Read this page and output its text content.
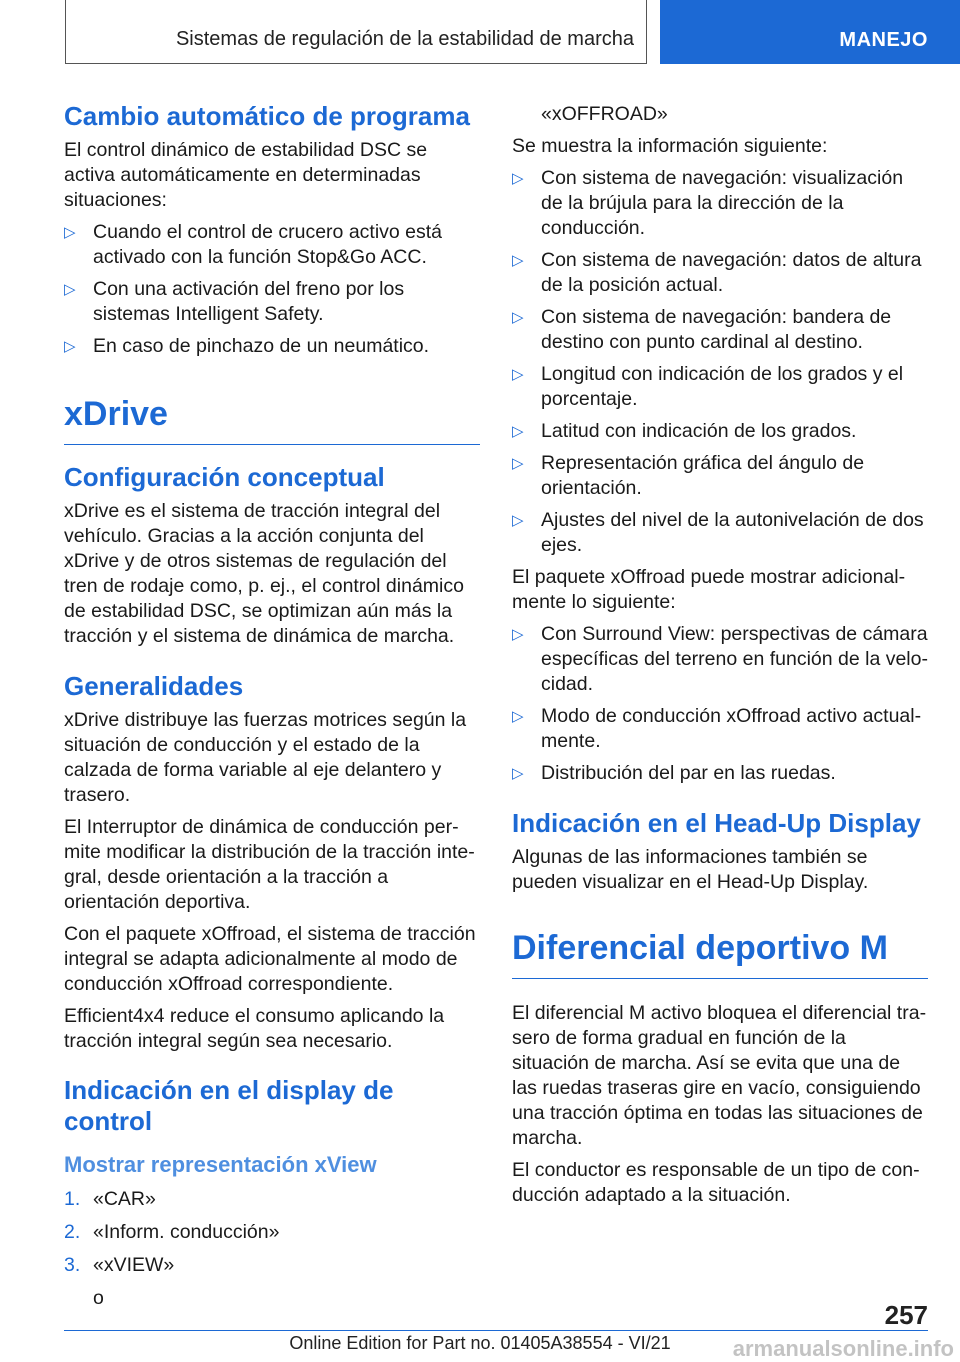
Sistemas de regulación de la estabilidad de marcha	MANEJO
Cambio automático de programa

El control dinámico de estabilidad DSC se activa automáticamente en determinadas situaciones:

▷ Cuando el control de crucero activo está activado con la función Stop&Go ACC.
▷ Con una activación del freno por los sistemas Intelligent Safety.
▷ En caso de pinchazo de un neumático.
xDrive
Configuración conceptual

xDrive es el sistema de tracción integral del vehículo. Gracias a la acción conjunta del xDrive y de otros sistemas de regulación del tren de rodaje como, p. ej., el control dinámico de estabilidad DSC, se optimizan aún más la tracción y el sistema de dinámica de marcha.

Generalidades

xDrive distribuye las fuerzas motrices según la situación de conducción y el estado de la calzada de forma variable al eje delantero y trasero.

El Interruptor de dinámica de conducción permite modificar la distribución de la tracción integral, desde orientación a la tracción a orientación deportiva.

Con el paquete xOffroad, el sistema de tracción integral se adapta adicionalmente al modo de conducción xOffroad correspondiente.

Efficient4x4 reduce el consumo aplicando la tracción integral según sea necesario.

Indicación en el display de control
Mostrar representación xView
1. «CAR»
2. «Inform. conducción»
3. «xVIEW»
o
«xOFFROAD»

Se muestra la información siguiente:

▷ Con sistema de navegación: visualización de la brújula para la dirección de la conducción.
▷ Con sistema de navegación: datos de altura de la posición actual.
▷ Con sistema de navegación: bandera de destino con punto cardinal al destino.
▷ Longitud con indicación de los grados y el porcentaje.
▷ Latitud con indicación de los grados.
▷ Representación gráfica del ángulo de orientación.
▷ Ajustes del nivel de la autonivelación de dos ejes.

El paquete xOffroad puede mostrar adicionalmente lo siguiente:

▷ Con Surround View: perspectivas de cámara específicas del terreno en función de la velocidad.
▷ Modo de conducción xOffroad activo actualmente.
▷ Distribución del par en las ruedas.
Indicación en el Head-Up Display

Algunas de las informaciones también se pueden visualizar en el Head-Up Display.

Diferencial deportivo M

El diferencial M activo bloquea el diferencial trasero de forma gradual en función de la situación de marcha. Así se evita que una de las ruedas traseras gire en vacío, consiguiendo una tracción óptima en todas las situaciones de marcha.

El conductor es responsable de un tipo de conducción adaptado a la situación.

257
Online Edition for Part no. 01405A38554 - VI/21	armanualsonline.info
